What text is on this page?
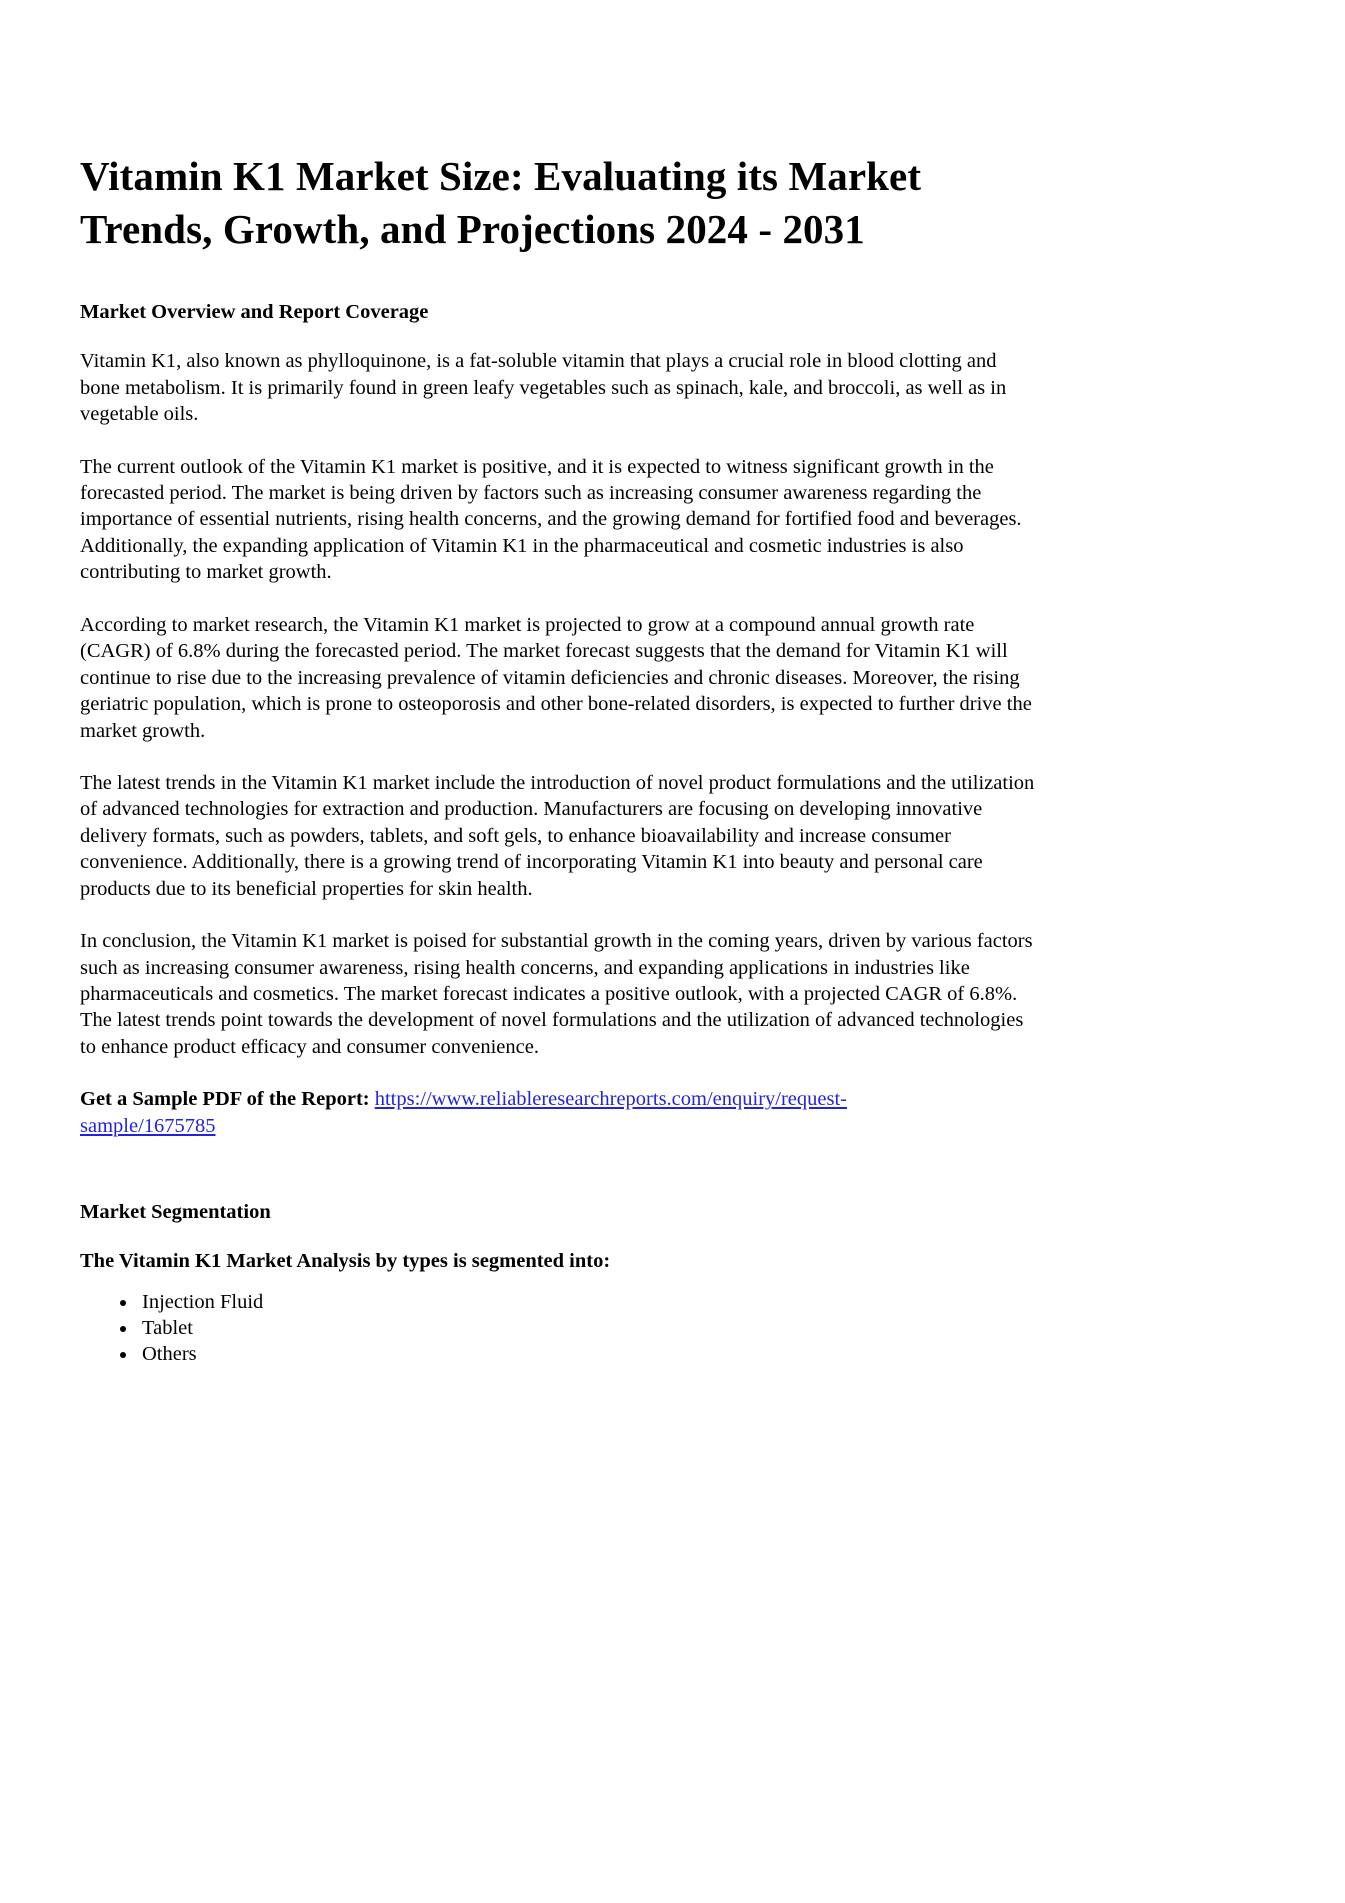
Vitamin K1 Market Size: Evaluating its Market Trends, Growth, and Projections 2024 - 2031
Market Overview and Report Coverage

Vitamin K1, also known as phylloquinone, is a fat-soluble vitamin that plays a crucial role in blood clotting and bone metabolism. It is primarily found in green leafy vegetables such as spinach, kale, and broccoli, as well as in vegetable oils.

The current outlook of the Vitamin K1 market is positive, and it is expected to witness significant growth in the forecasted period. The market is being driven by factors such as increasing consumer awareness regarding the importance of essential nutrients, rising health concerns, and the growing demand for fortified food and beverages. Additionally, the expanding application of Vitamin K1 in the pharmaceutical and cosmetic industries is also contributing to market growth.

According to market research, the Vitamin K1 market is projected to grow at a compound annual growth rate (CAGR) of 6.8% during the forecasted period. The market forecast suggests that the demand for Vitamin K1 will continue to rise due to the increasing prevalence of vitamin deficiencies and chronic diseases. Moreover, the rising geriatric population, which is prone to osteoporosis and other bone-related disorders, is expected to further drive the market growth.

The latest trends in the Vitamin K1 market include the introduction of novel product formulations and the utilization of advanced technologies for extraction and production. Manufacturers are focusing on developing innovative delivery formats, such as powders, tablets, and soft gels, to enhance bioavailability and increase consumer convenience. Additionally, there is a growing trend of incorporating Vitamin K1 into beauty and personal care products due to its beneficial properties for skin health.

In conclusion, the Vitamin K1 market is poised for substantial growth in the coming years, driven by various factors such as increasing consumer awareness, rising health concerns, and expanding applications in industries like pharmaceuticals and cosmetics. The market forecast indicates a positive outlook, with a projected CAGR of 6.8%. The latest trends point towards the development of novel formulations and the utilization of advanced technologies to enhance product efficacy and consumer convenience.

Get a Sample PDF of the Report: https://www.reliableresearchreports.com/enquiry/request-sample/1675785

Market Segmentation
The Vitamin K1 Market Analysis by types is segmented into:
• Injection Fluid
• Tablet
• Others
